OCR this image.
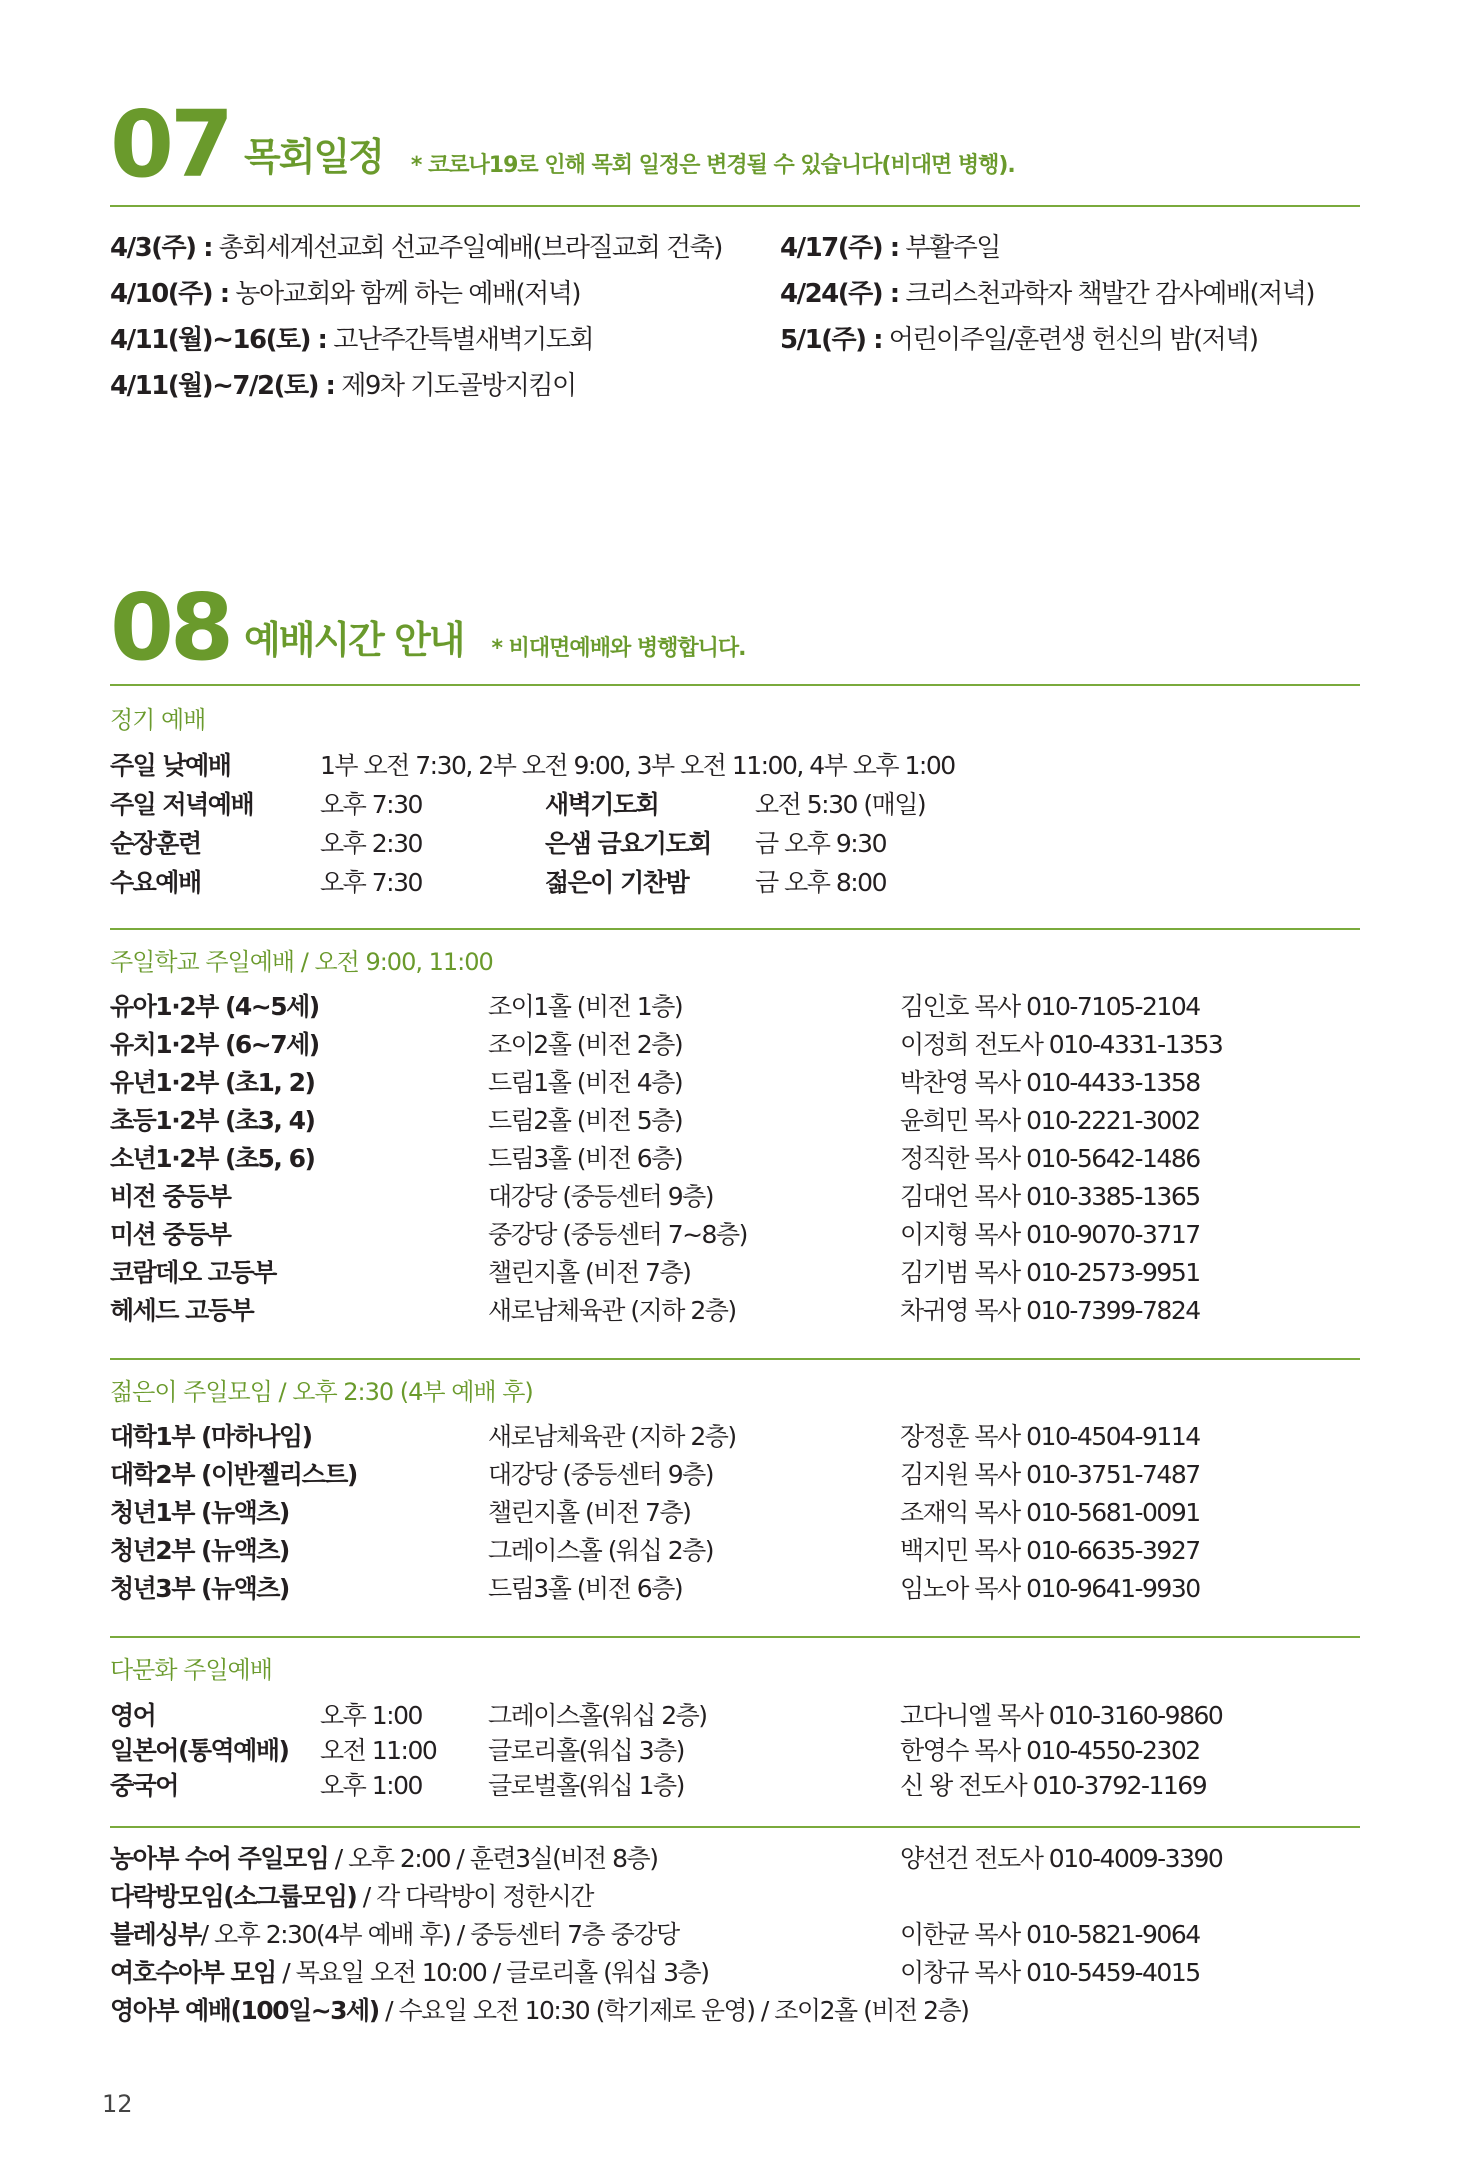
07 목회일정 * 코로나19로 인해 목회 일정은 변경될 수 있습니다(비대면 병행).
4/3(주) : 총회세계선교회 선교주일예배(브라질교회 건축)
4/10(주) : 농아교회와 함께 하는 예배(저녁)
4/11(월)~16(토) : 고난주간특별새벽기도회
4/11(월)~7/2(토) : 제9차 기도골방지킴이
4/17(주) : 부활주일
4/24(주) : 크리스천과학자 책발간 감사예배(저녁)
5/1(주) : 어린이주일/훈련생 헌신의 밤(저녁)
08 예배시간 안내 * 비대면예배와 병행합니다.
정기 예배
주일 낮예배	1부 오전 7:30, 2부 오전 9:00, 3부 오전 11:00, 4부 오후 1:00
주일 저녁예배	오후 7:30	새벽기도회	오전 5:30 (매일)
순장훈련	오후 2:30	은샘 금요기도회 금 오후 9:30
수요예배	오후 7:30	젊은이 기찬밤	금 오후 8:00
주일학교 주일예배 / 오전 9:00, 11:00
유아1·2부 (4~5세)	조이1홀 (비전 1층)	김인호 목사 010-7105-2104
유치1·2부 (6~7세)	조이2홀 (비전 2층)	이정희 전도사 010-4331-1353
유년1·2부 (초1, 2)	드림1홀 (비전 4층)	박찬영 목사 010-4433-1358
초등1·2부 (초3, 4)	드림2홀 (비전 5층)	윤희민 목사 010-2221-3002
소년1·2부 (초5, 6)	드림3홀 (비전 6층)	정직한 목사 010-5642-1486
비전 중등부	대강당 (중등센터 9층)	김대언 목사 010-3385-1365
미션 중등부	중강당 (중등센터 7~8층)	이지형 목사 010-9070-3717
코람데오 고등부	챌린지홀 (비전 7층)	김기범 목사 010-2573-9951
헤세드 고등부	새로남체육관 (지하 2층)	차귀영 목사 010-7399-7824
젊은이 주일모임 / 오후 2:30 (4부 예배 후)
대학1부 (마하나임)	새로남체육관 (지하 2층)	장정훈 목사 010-4504-9114
대학2부 (이반젤리스트)	대강당 (중등센터 9층)	김지원 목사 010-3751-7487
청년1부 (뉴액츠)	챌린지홀 (비전 7층)	조재익 목사 010-5681-0091
청년2부 (뉴액츠)	그레이스홀 (워십 2층)	백지민 목사 010-6635-3927
청년3부 (뉴액츠)	드림3홀 (비전 6층)	임노아 목사 010-9641-9930
다문화 주일예배
영어	오후 1:00	그레이스홀(워십 2층)	고다니엘 목사 010-3160-9860
일본어(통역예배) 오전 11:00 글로리홀(워십 3층)	한영수 목사 010-4550-2302
중국어	오후 1:00	글로벌홀(워십 1층)	신 왕 전도사 010-3792-1169
농아부 수어 주일모임 / 오후 2:00 / 훈련3실(비전 8층)	양선건 전도사 010-4009-3390
다락방모임(소그룹모임) / 각 다락방이 정한시간
블레싱부/ 오후 2:30(4부 예배 후) / 중등센터 7층 중강당	이한균 목사 010-5821-9064
여호수아부 모임 / 목요일 오전 10:00 / 글로리홀 (워십 3층)	이창규 목사 010-5459-4015
영아부 예배(100일~3세) / 수요일 오전 10:30 (학기제로 운영) / 조이2홀 (비전 2층)
12
